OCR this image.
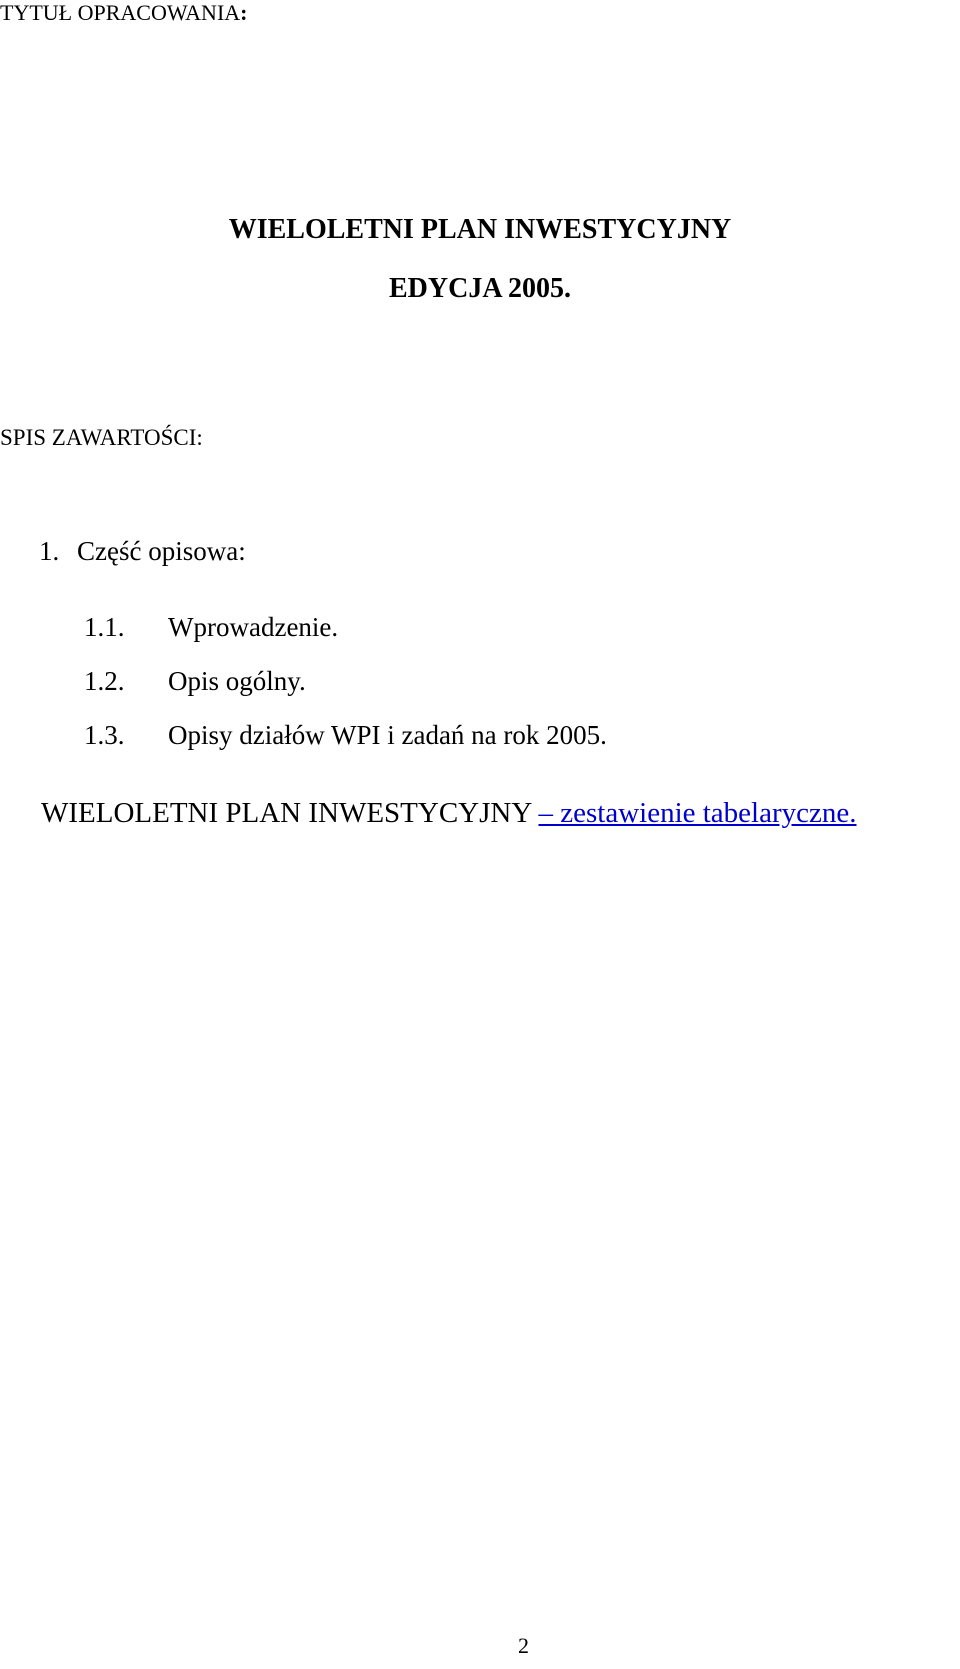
TYTUŁ OPRACOWANIA:
WIELOLETNI PLAN INWESTYCYJNY
EDYCJA 2005.
SPIS ZAWARTOŚCI:
1. Część opisowa:
1.1. Wprowadzenie.
1.2. Opis ogólny.
1.3. Opisy działów WPI i zadań na rok 2005.
WIELOLETNI PLAN INWESTYCYJNY – zestawienie tabelaryczne.
2
